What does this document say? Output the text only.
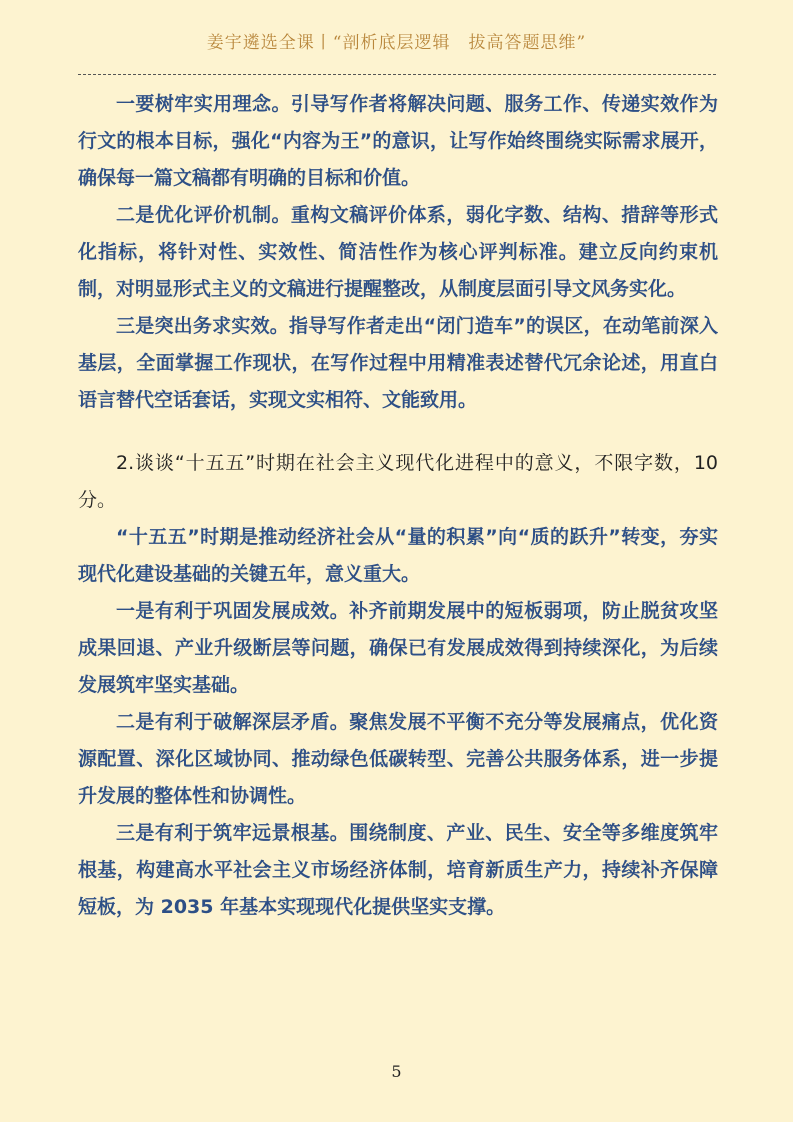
姜宇遴选全课丨“剖析底层逻辑　拔高答题思维”

一要树牢实用理念。引导写作者将解决问题、服务工作、传递实效作为行文的根本目标，强化“内容为王”的意识，让写作始终围绕实际需求展开，确保每一篇文稿都有明确的目标和价值。

二是优化评价机制。重构文稿评价体系，弱化字数、结构、措辞等形式化指标，将针对性、实效性、简洁性作为核心评判标准。建立反向约束机制，对明显形式主义的文稿进行提醒整改，从制度层面引导文风务实化。

三是突出务求实效。指导写作者走出“闭门造车”的误区，在动笔前深入基层，全面掌握工作现状，在写作过程中用精准表述替代冗余论述，用直白语言替代空话套话，实现文实相符、文能致用。

2.谈谈“十五五”时期在社会主义现代化进程中的意义，不限字数，10 分。

“十五五”时期是推动经济社会从“量的积累”向“质的跃升”转变，夯实现代化建设基础的关键五年，意义重大。

一是有利于巩固发展成效。补齐前期发展中的短板弱项，防止脱贫攻坚成果回退、产业升级断层等问题，确保已有发展成效得到持续深化，为后续发展筑牢坚实基础。

二是有利于破解深层矛盾。聚焦发展不平衡不充分等发展痛点，优化资源配置、深化区域协同、推动绿色低碳转型、完善公共服务体系，进一步提升发展的整体性和协调性。

三是有利于筑牢远景根基。围绕制度、产业、民生、安全等多维度筑牢根基，构建高水平社会主义市场经济体制，培育新质生产力，持续补齐保障短板，为 2035 年基本实现现代化提供坚实支撑。

5
